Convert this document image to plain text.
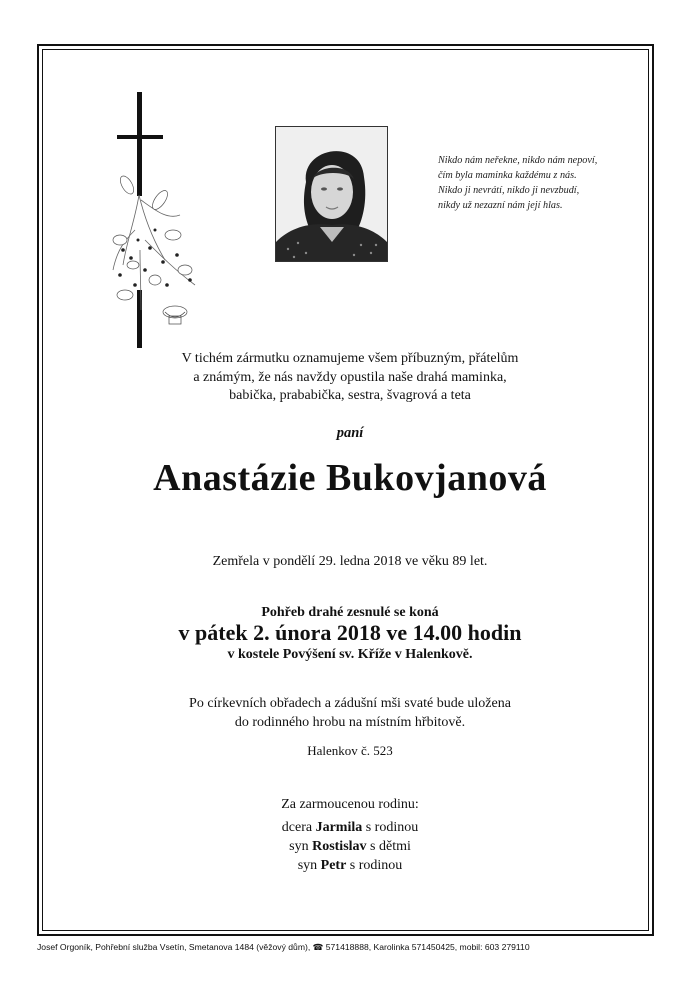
Nikdo nám neřekne, nikdo nám nepoví,
čím byla maminka každému z nás.
Nikdo ji nevrátí, nikdo ji nevzbudí,
nikdy už nezazní nám její hlas.
V tichém zármutku oznamujeme všem příbuzným, přátelům
a známým, že nás navždy opustila naše drahá maminka,
babička, prababička, sestra, švagrová a teta
paní
Anastázie Bukovjanová
Zemřela v pondělí 29. ledna 2018 ve věku 89 let.
Pohřeb drahé zesnulé se koná
v pátek 2. února 2018 ve 14.00 hodin
v kostele Povýšení sv. Kříže v Halenkově.
Po církevních obřadech a zádušní mši svaté bude uložena
do rodinného hrobu na místním hřbitově.
Halenkov č. 523
Za zarmoucenou rodinu:
dcera Jarmila s rodinou
syn Rostislav s dětmi
syn Petr s rodinou
Josef Orgoník, Pohřební služba Vsetín, Smetanova 1484 (věžový dům), ☎ 571418888, Karolinka 571450425, mobil: 603 279110
